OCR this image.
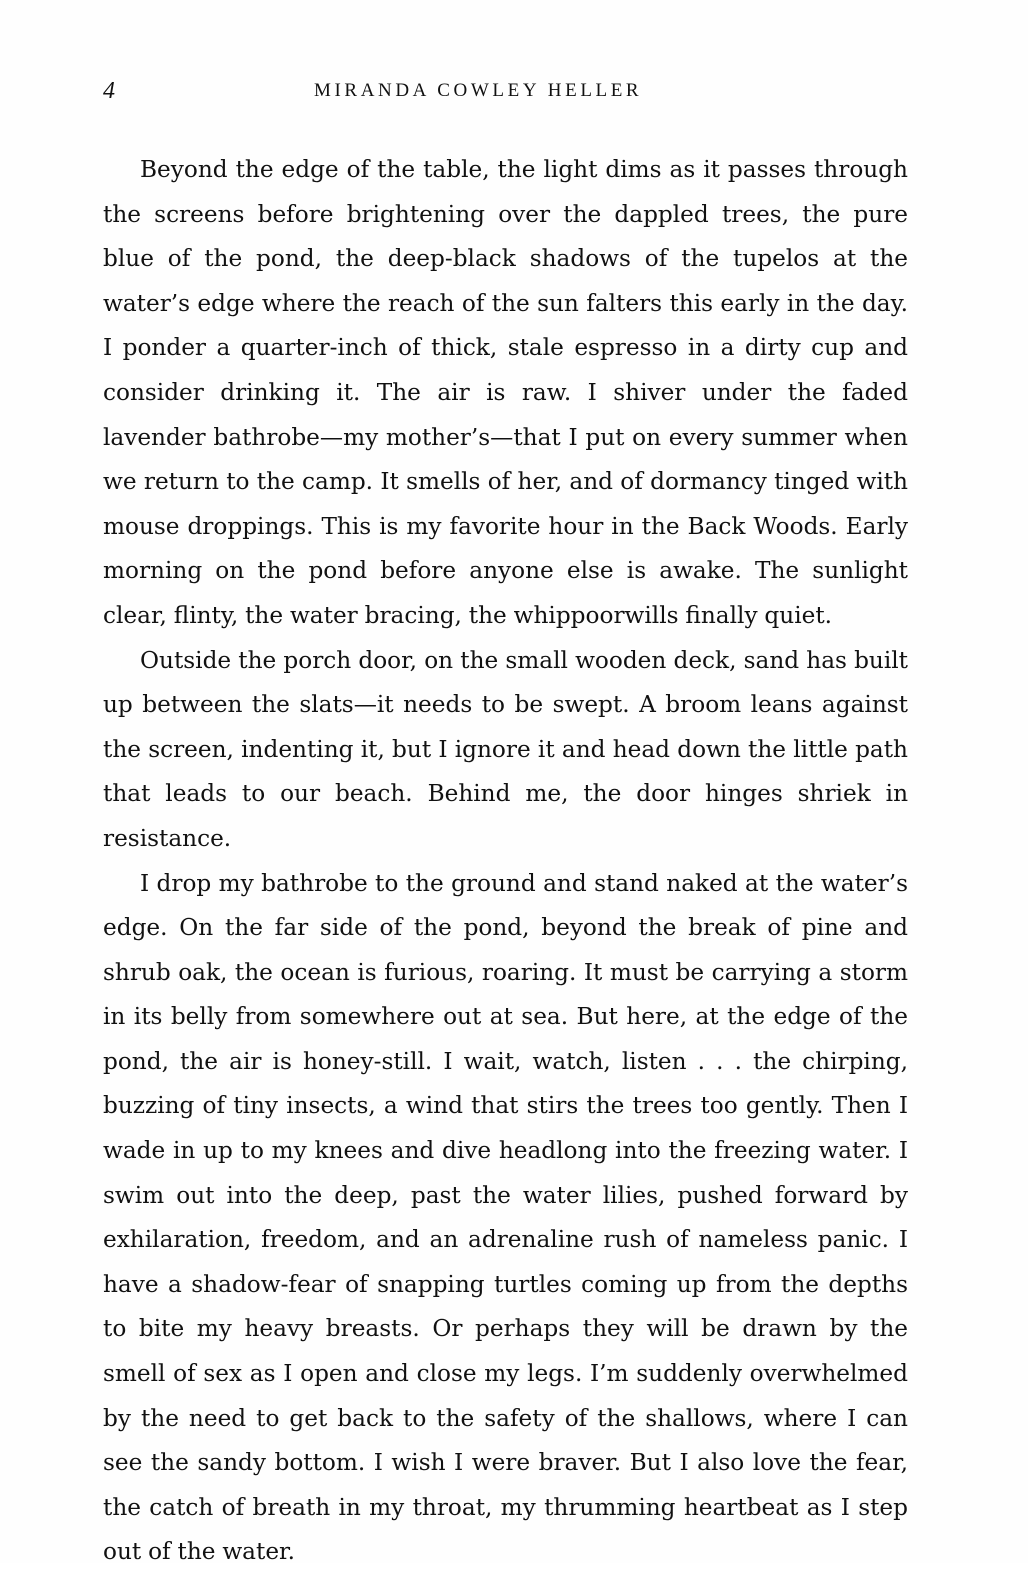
4	MIRANDA COWLEY HELLER

Beyond the edge of the table, the light dims as it passes through the screens before brightening over the dappled trees, the pure blue of the pond, the deep-black shadows of the tupelos at the water’s edge where the reach of the sun falters this early in the day. I ponder a quarter-inch of thick, stale espresso in a dirty cup and consider drinking it. The air is raw. I shiver under the faded lavender bathrobe—my mother’s—that I put on every summer when we return to the camp. It smells of her, and of dormancy tinged with mouse droppings. This is my favorite hour in the Back Woods. Early morning on the pond before anyone else is awake. The sunlight clear, flinty, the water bracing, the whippoorwills finally quiet.

Outside the porch door, on the small wooden deck, sand has built up between the slats—it needs to be swept. A broom leans against the screen, indenting it, but I ignore it and head down the little path that leads to our beach. Behind me, the door hinges shriek in resistance.

I drop my bathrobe to the ground and stand naked at the water’s edge. On the far side of the pond, beyond the break of pine and shrub oak, the ocean is furious, roaring. It must be carrying a storm in its belly from somewhere out at sea. But here, at the edge of the pond, the air is honey-still. I wait, watch, listen . . . the chirping, buzzing of tiny insects, a wind that stirs the trees too gently. Then I wade in up to my knees and dive headlong into the freezing water. I swim out into the deep, past the water lilies, pushed forward by exhilaration, freedom, and an adrenaline rush of nameless panic. I have a shadow-fear of snapping turtles coming up from the depths to bite my heavy breasts. Or perhaps they will be drawn by the smell of sex as I open and close my legs. I’m suddenly overwhelmed by the need to get back to the safety of the shallows, where I can see the sandy bottom. I wish I were braver. But I also love the fear, the catch of breath in my throat, my thrumming heartbeat as I step out of the water.
